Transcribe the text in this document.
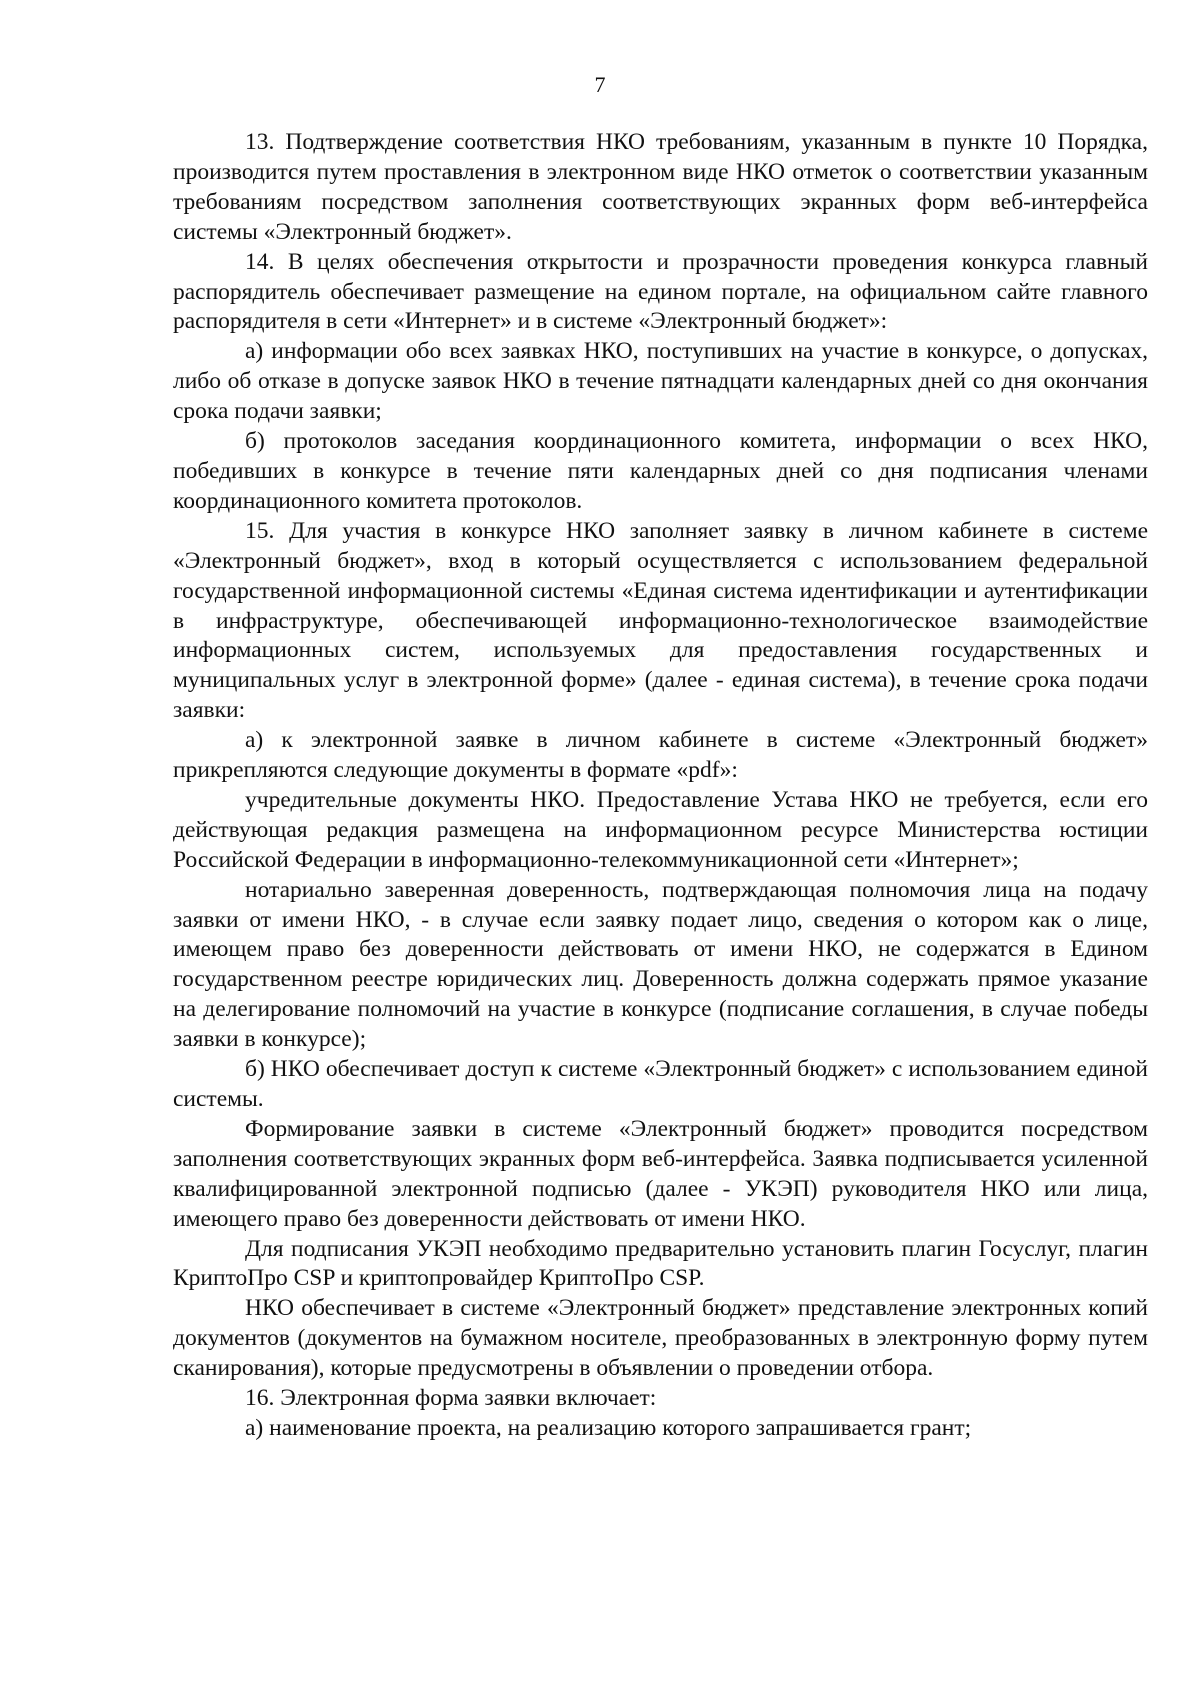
7

13. Подтверждение соответствия НКО требованиям, указанным в пункте 10 Порядка, производится путем проставления в электронном виде НКО отметок о соответствии указанным требованиям посредством заполнения соответствующих экранных форм веб-интерфейса системы «Электронный бюджет».

14. В целях обеспечения открытости и прозрачности проведения конкурса главный распорядитель обеспечивает размещение на едином портале, на официальном сайте главного распорядителя в сети «Интернет» и в системе «Электронный бюджет»:

а) информации обо всех заявках НКО, поступивших на участие в конкурсе, о допусках, либо об отказе в допуске заявок НКО в течение пятнадцати календарных дней со дня окончания срока подачи заявки;

б) протоколов заседания координационного комитета, информации о всех НКО, победивших в конкурсе в течение пяти календарных дней со дня подписания членами координационного комитета протоколов.

15. Для участия в конкурсе НКО заполняет заявку в личном кабинете в системе «Электронный бюджет», вход в который осуществляется с использованием федеральной государственной информационной системы «Единая система идентификации и аутентификации в инфраструктуре, обеспечивающей информационно-технологическое взаимодействие информационных систем, используемых для предоставления государственных и муниципальных услуг в электронной форме» (далее - единая система), в течение срока подачи заявки:

а) к электронной заявке в личном кабинете в системе «Электронный бюджет» прикрепляются следующие документы в формате «pdf»:

учредительные документы НКО. Предоставление Устава НКО не требуется, если его действующая редакция размещена на информационном ресурсе Министерства юстиции Российской Федерации в информационно-телекоммуникационной сети «Интернет»;

нотариально заверенная доверенность, подтверждающая полномочия лица на подачу заявки от имени НКО, - в случае если заявку подает лицо, сведения о котором как о лице, имеющем право без доверенности действовать от имени НКО, не содержатся в Едином государственном реестре юридических лиц. Доверенность должна содержать прямое указание на делегирование полномочий на участие в конкурсе (подписание соглашения, в случае победы заявки в конкурсе);

б) НКО обеспечивает доступ к системе «Электронный бюджет» с использованием единой системы.

Формирование заявки в системе «Электронный бюджет» проводится посредством заполнения соответствующих экранных форм веб-интерфейса. Заявка подписывается усиленной квалифицированной электронной подписью (далее - УКЭП) руководителя НКО или лица, имеющего право без доверенности действовать от имени НКО.

Для подписания УКЭП необходимо предварительно установить плагин Госуслуг, плагин КриптоПро CSP и криптопровайдер КриптоПро CSP.

НКО обеспечивает в системе «Электронный бюджет» представление электронных копий документов (документов на бумажном носителе, преобразованных в электронную форму путем сканирования), которые предусмотрены в объявлении о проведении отбора.

16. Электронная форма заявки включает:

а) наименование проекта, на реализацию которого запрашивается грант;
